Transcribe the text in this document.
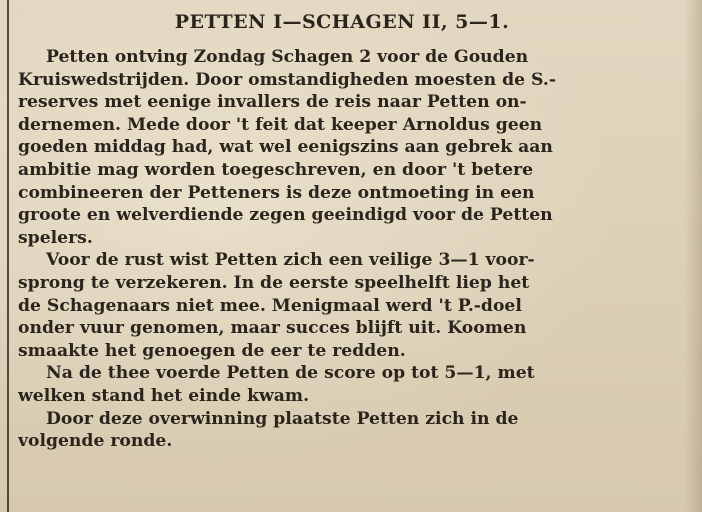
PETTEN I—SCHAGEN II, 5—1.

Petten ontving Zondag Schagen 2 voor de Gouden
Kruiswedstrijden. Door omstandigheden moesten de S.-
reserves met eenige invallers de reis naar Petten on-
dernemen. Mede door 't feit dat keeper Arnoldus geen
goeden middag had, wat wel eenigszins aan gebrek aan
ambitie mag worden toegeschreven, en door 't betere
combineeren der Petteners is deze ontmoeting in een
groote en welverdiende zegen geeindigd voor de Petten
spelers.

Voor de rust wist Petten zich een veilige 3—1 voor-
sprong te verzekeren. In de eerste speelhelft liep het
de Schagenaars niet mee. Menigmaal werd 't P.-doel
onder vuur genomen, maar succes blijft uit. Koomen
smaakte het genoegen de eer te redden.

Na de thee voerde Petten de score op tot 5—1, met
welken stand het einde kwam.

Door deze overwinning plaatste Petten zich in de
volgende ronde.
